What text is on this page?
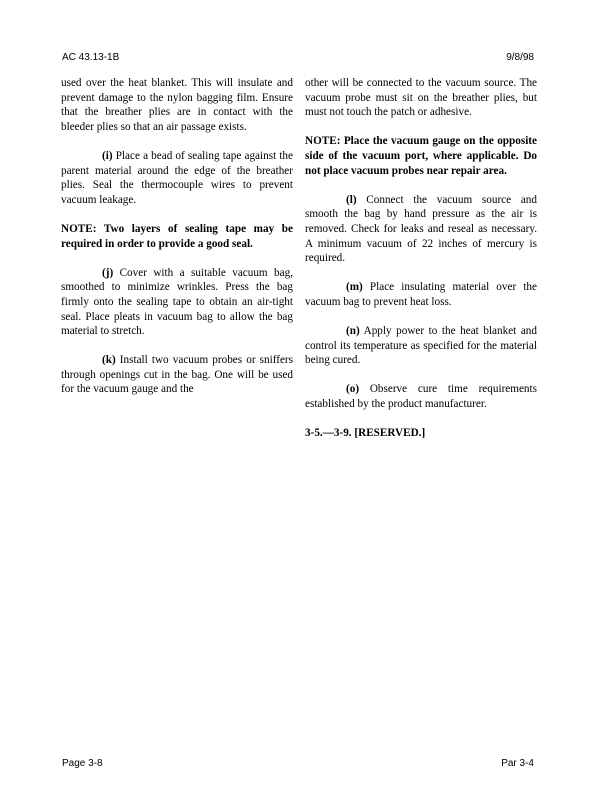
AC 43.13-1B	9/8/98

used over the heat blanket. This will insulate and prevent damage to the nylon bagging film. Ensure that the breather plies are in contact with the bleeder plies so that an air passage exists.

(i) Place a bead of sealing tape against the parent material around the edge of the breather plies. Seal the thermocouple wires to prevent vacuum leakage.

NOTE: Two layers of sealing tape may be required in order to provide a good seal.

(j) Cover with a suitable vacuum bag, smoothed to minimize wrinkles. Press the bag firmly onto the sealing tape to obtain an air-tight seal. Place pleats in vacuum bag to allow the bag material to stretch.

(k) Install two vacuum probes or sniffers through openings cut in the bag. One will be used for the vacuum gauge and the

other will be connected to the vacuum source. The vacuum probe must sit on the breather plies, but must not touch the patch or adhesive.

NOTE: Place the vacuum gauge on the opposite side of the vacuum port, where applicable. Do not place vacuum probes near repair area.

(l) Connect the vacuum source and smooth the bag by hand pressure as the air is removed. Check for leaks and reseal as necessary. A minimum vacuum of 22 inches of mercury is required.

(m) Place insulating material over the vacuum bag to prevent heat loss.

(n) Apply power to the heat blanket and control its temperature as specified for the material being cured.

(o) Observe cure time requirements established by the product manufacturer.

3-5.—3-9. [RESERVED.]

Page 3-8	Par 3-4
